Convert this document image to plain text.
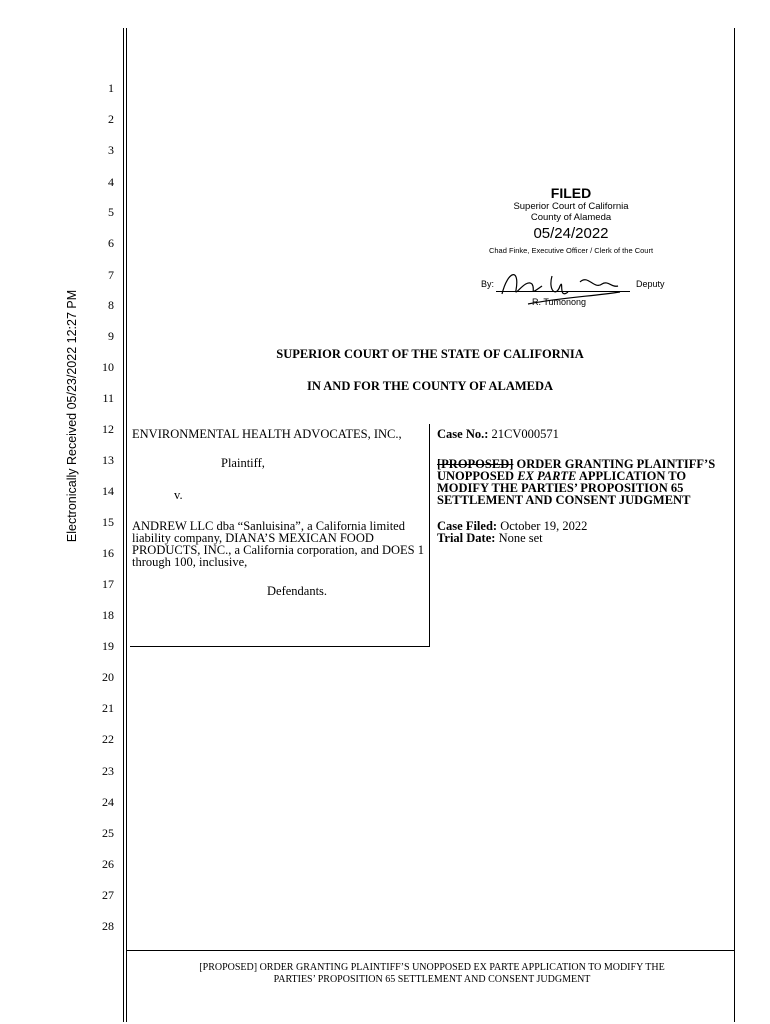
Electronically Received 05/23/2022 12:27 PM
1
2
3
4
5
6
7
8
9
10
11
12
13
14
15
16
17
18
19
20
21
22
23
24
25
26
27
28
FILED
Superior Court of California
County of Alameda
05/24/2022
Chad Finke, Executive Officer / Clerk of the Court
By:	Deputy
R. Tumonong
SUPERIOR COURT OF THE STATE OF CALIFORNIA
IN AND FOR THE COUNTY OF ALAMEDA
ENVIRONMENTAL HEALTH ADVOCATES, INC.,
Plaintiff,
v.
ANDREW LLC dba “Sanluisina”, a California limited liability company, DIANA’S MEXICAN FOOD PRODUCTS, INC., a California corporation, and DOES 1 through 100, inclusive,
Defendants.
Case No.: 21CV000571
[PROPOSED] ORDER GRANTING PLAINTIFF’S UNOPPOSED EX PARTE APPLICATION TO MODIFY THE PARTIES’ PROPOSITION 65 SETTLEMENT AND CONSENT JUDGMENT
Case Filed: October 19, 2022
Trial Date: None set
[PROPOSED] ORDER GRANTING PLAINTIFF’S UNOPPOSED EX PARTE APPLICATION TO MODIFY THE
PARTIES’ PROPOSITION 65 SETTLEMENT AND CONSENT JUDGMENT
